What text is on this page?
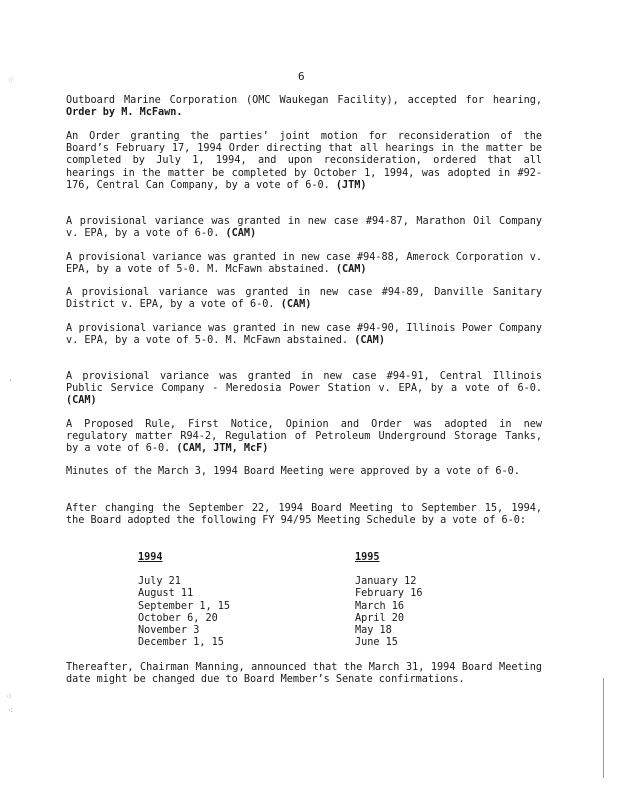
6

Outboard Marine Corporation (OMC Waukegan Facility), accepted for hearing, Order by M. McFawn.

An Order granting the parties’ joint motion for reconsideration of the Board’s February 17, 1994 Order directing that all hearings in the matter be completed by July 1, 1994, and upon reconsideration, ordered that all hearings in the matter be completed by October 1, 1994, was adopted in #92-176, Central Can Company, by a vote of 6-0. (JTM)

A provisional variance was granted in new case #94-87, Marathon Oil Company v. EPA, by a vote of 6-0. (CAM)

A provisional variance was granted in new case #94-88, Amerock Corporation v. EPA, by a vote of 5-0. M. McFawn abstained. (CAM)

A provisional variance was granted in new case #94-89, Danville Sanitary District v. EPA, by a vote of 6-0. (CAM)

A provisional variance was granted in new case #94-90, Illinois Power Company v. EPA, by a vote of 5-0. M. McFawn abstained. (CAM)

A provisional variance was granted in new case #94-91, Central Illinois Public Service Company - Meredosia Power Station v. EPA, by a vote of 6-0. (CAM)

A Proposed Rule, First Notice, Opinion and Order was adopted in new regulatory matter R94-2, Regulation of Petroleum Underground Storage Tanks, by a vote of 6-0. (CAM, JTM, McF)

Minutes of the March 3, 1994 Board Meeting were approved by a vote of 6-0.

After changing the September 22, 1994 Board Meeting to September 15, 1994, the Board adopted the following FY 94/95 Meeting Schedule by a vote of 6-0:

1994
July 21
August 11
September 1, 15
October 6, 20
November 3
December 1, 15
1995
January 12
February 16
March 16
April 20
May 18
June 15

Thereafter, Chairman Manning, announced that the March 31, 1994 Board Meeting date might be changed due to Board Member’s Senate confirmations.

⁖
·
⁘
⁖
